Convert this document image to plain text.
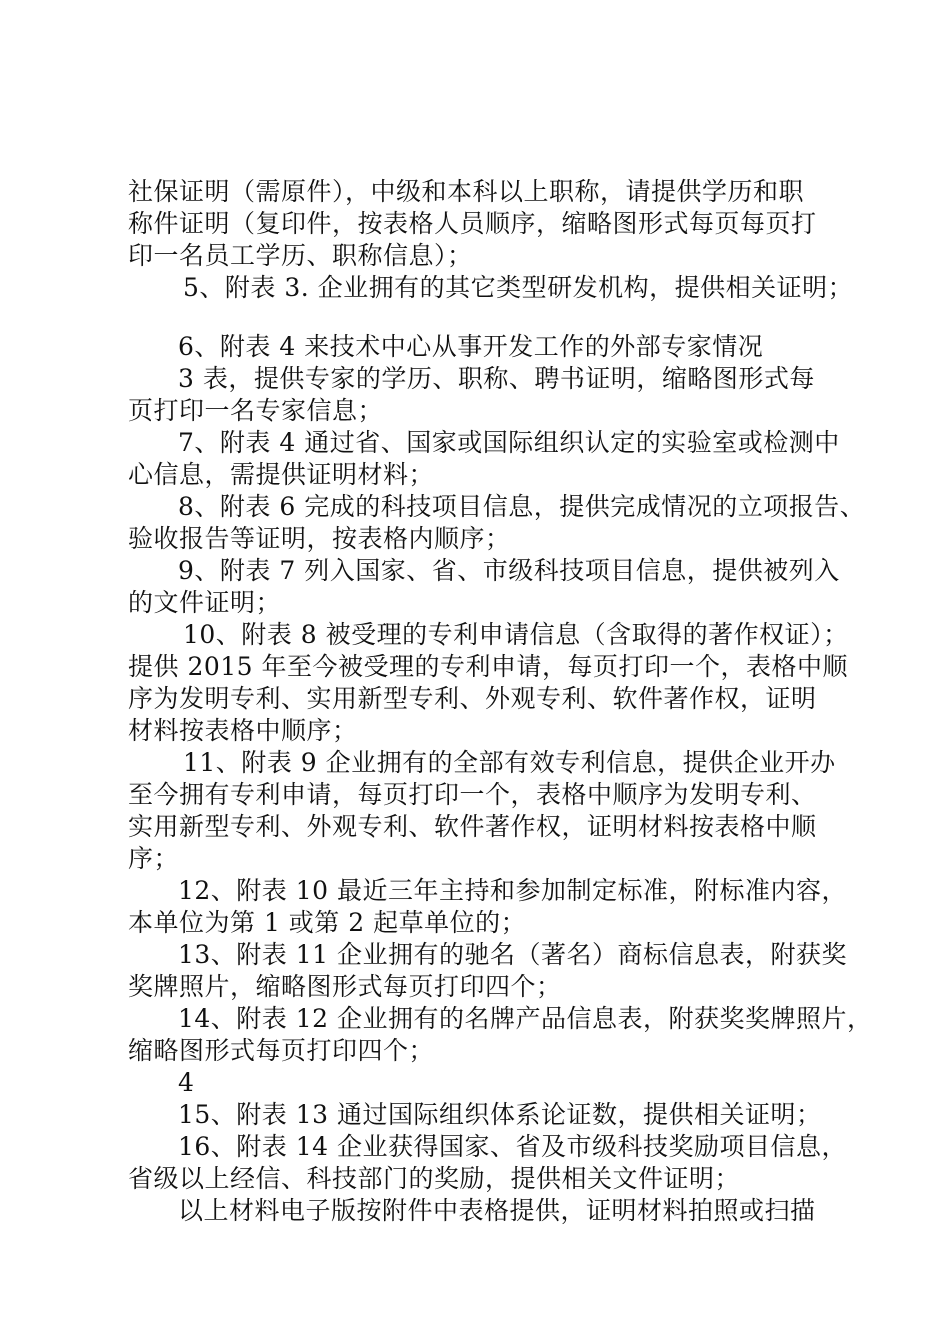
社保证明（需原件），中级和本科以上职称，请提供学历和职
称件证明（复印件，按表格人员顺序，缩略图形式每页每页打
印一名员工学历、职称信息）；
5、附表 3. 企业拥有的其它类型研发机构，提供相关证明；
6、附表 4 来技术中心从事开发工作的外部专家情况
3 表，提供专家的学历、职称、聘书证明，缩略图形式每
页打印一名专家信息；
7、附表 4 通过省、国家或国际组织认定的实验室或检测中
心信息，需提供证明材料；
8、附表 6 完成的科技项目信息，提供完成情况的立项报告、
验收报告等证明，按表格内顺序；
9、附表 7 列入国家、省、市级科技项目信息，提供被列入
的文件证明；
10、附表 8 被受理的专利申请信息（含取得的著作权证）；
提供 2015 年至今被受理的专利申请，每页打印一个，表格中顺
序为发明专利、实用新型专利、外观专利、软件著作权，证明
材料按表格中顺序；
11、附表 9 企业拥有的全部有效专利信息，提供企业开办
至今拥有专利申请，每页打印一个，表格中顺序为发明专利、
实用新型专利、外观专利、软件著作权，证明材料按表格中顺
序；
12、附表 10 最近三年主持和参加制定标准，附标准内容，
本单位为第 1 或第 2 起草单位的；
13、附表 11 企业拥有的驰名（著名）商标信息表，附获奖
奖牌照片，缩略图形式每页打印四个；
14、附表 12 企业拥有的名牌产品信息表，附获奖奖牌照片，
缩略图形式每页打印四个；
4
15、附表 13 通过国际组织体系论证数，提供相关证明；
16、附表 14 企业获得国家、省及市级科技奖励项目信息，
省级以上经信、科技部门的奖励，提供相关文件证明；
以上材料电子版按附件中表格提供，证明材料拍照或扫描
